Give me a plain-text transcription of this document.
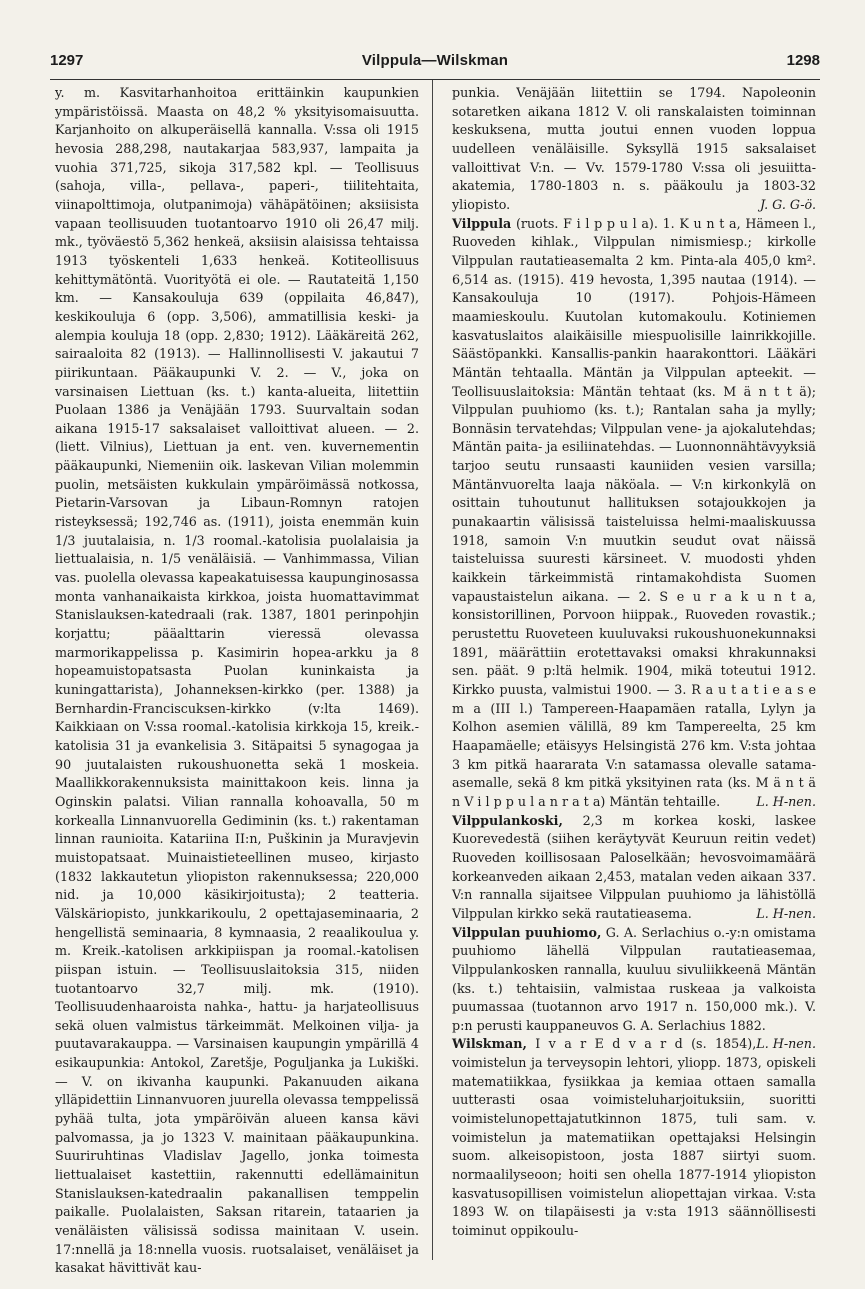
1297	Vilppula—Wilskman	1298

y. m. Kasvitarhanhoitoa erittäinkin kaupunkien ympäristöissä. Maasta on 48,2 % yksityisomaisuutta. Karjanhoito on alkuperäisellä kannalla. V:ssa oli 1915 hevosia 288,298, nautakarjaa 583,937, lampaita ja vuohia 371,725, sikoja 317,582 kpl. — Teollisuus (sahoja, villa-, pellava-, paperi-, tiilitehtaita, viinapolttimoja, olutpanimoja) vähäpätöinen; aksiisista vapaan teollisuuden tuotantoarvo 1910 oli 26,47 milj. mk., työväestö 5,362 henkeä, aksiisin alaisissa tehtaissa 1913 työskenteli 1,633 henkeä. Kotiteollisuus kehittymätöntä. Vuorityötä ei ole. — Rautateitä 1,150 km. — Kansakouluja 639 (oppilaita 46,847), keskikouluja 6 (opp. 3,506), ammatillisia keski- ja alempia kouluja 18 (opp. 2,830; 1912). Lääkäreitä 262, sairaaloita 82 (1913). — Hallinnollisesti V. jakautui 7 piirikuntaan. Pääkaupunki V. 2. — V., joka on varsinaisen Liettuan (ks. t.) kanta-alueita, liitettiin Puolaan 1386 ja Venäjään 1793. Suurvaltain sodan aikana 1915-17 saksalaiset valloittivat alueen. — 2. (liett. Vilnius), Liettuan ja ent. ven. kuvernementin pääkaupunki, Niemeniin oik. laskevan Vilian molemmin puolin, metsäisten kukkulain ympäröimässä notkossa, Pietarin-Varsovan ja Libaun-Romnyn ratojen risteyksessä; 192,746 as. (1911), joista enemmän kuin 1/3 juutalaisia, n. 1/3 roomal.-katolisia puolalaisia ja liettualaisia, n. 1/5 venäläisiä. — Vanhimmassa, Vilian vas. puolella olevassa kapeakatuisessa kaupunginosassa monta vanhanaikaista kirkkoa, joista huomattavimmat Stanislauksen-katedraali (rak. 1387, 1801 perinpohjin korjattu; pääalttarin vieressä olevassa marmorikappelissa p. Kasimirin hopea-arkku ja 8 hopeamuistopatsasta Puolan kuninkaista ja kuningattarista), Johanneksen-kirkko (per. 1388) ja Bernhardin-Franciscuksen-kirkko (v:lta 1469). Kaikkiaan on V:ssa roomal.-katolisia kirkkoja 15, kreik.-katolisia 31 ja evankelisia 3. Sitäpaitsi 5 synagogaa ja 90 juutalaisten rukoushuonetta sekä 1 moskeia. Maallikkorakennuksista mainittakoon keis. linna ja Oginskin palatsi. Vilian rannalla kohoavalla, 50 m korkealla Linnanvuorella Gediminin (ks. t.) rakentaman linnan raunioita. Katariina II:n, Puškinin ja Muravjevin muistopatsaat. Muinaistieteellinen museo, kirjasto (1832 lakkautetun yliopiston rakennuksessa; 220,000 nid. ja 10,000 käsikirjoitusta); 2 teatteria. Välskäriopisto, junkkarikoulu, 2 opettajaseminaaria, 2 hengellistä seminaaria, 8 kymnaasia, 2 reaalikoulua y. m. Kreik.-katolisen arkkipiispan ja roomal.-katolisen piispan istuin. — Teollisuuslaitoksia 315, niiden tuotantoarvo 32,7 milj. mk. (1910). Teollisuudenhaaroista nahka-, hattu- ja harjateollisuus sekä oluen valmistus tärkeimmät. Melkoinen vilja- ja puutavarakauppa. — Varsinaisen kaupungin ympärillä 4 esikaupunkia: Antokol, Zaretšje, Poguljanka ja Lukiški. — V. on ikivanha kaupunki. Pakanuuden aikana ylläpidettiin Linnanvuoren juurella olevassa temppelissä pyhää tulta, jota ympäröivän alueen kansa kävi palvomassa, ja jo 1323 V. mainitaan pääkaupunkina. Suuriruhtinas Vladislav Jagello, jonka toimesta liettualaiset kastettiin, rakennutti edellämainitun Stanislauksen-katedraalin pakanallisen temppelin paikalle. Puolalaisten, Saksan ritarein, tataarien ja venäläisten välisissä sodissa mainitaan V. usein. 17:nnellä ja 18:nnella vuosis. ruotsalaiset, venäläiset ja kasakat hävittivät kau-

punkia. Venäjään liitettiin se 1794. Napoleonin sotaretken aikana 1812 V. oli ranskalaisten toiminnan keskuksena, mutta joutui ennen vuoden loppua uudelleen venäläisille. Syksyllä 1915 saksalaiset valloittivat V:n. — Vv. 1579-1780 V:ssa oli jesuiitta-akatemia, 1780-1803 n. s. pääkoulu ja 1803-32 yliopisto.	J. G. G-ö.

Vilppula (ruots. F i l p p u l a). 1. K u n t a, Hämeen l., Ruoveden kihlak., Vilppulan nimismiesp.; kirkolle Vilppulan rautatieasemalta 2 km. Pinta-ala 405,0 km². 6,514 as. (1915). 419 hevosta, 1,395 nautaa (1914). — Kansakouluja 10 (1917). Pohjois-Hämeen maamieskoulu. Kuutolan kutomakoulu. Kotiniemen kasvatuslaitos alaikäisille miespuolisille lainrikkojille. Säästöpankki. Kansallis-pankin haarakonttori. Lääkäri Mäntän tehtaalla. Mäntän ja Vilppulan apteekit. — Teollisuuslaitoksia: Mäntän tehtaat (ks. M ä n t t ä); Vilppulan puuhiomo (ks. t.); Rantalan saha ja mylly; Bonnäsin tervatehdas; Vilppulan vene- ja ajokalutehdas; Mäntän paita- ja esiliinatehdas. — Luonnonnähtävyyksiä tarjoo seutu runsaasti kauniiden vesien varsilla; Mäntänvuorelta laaja näköala. — V:n kirkonkylä on osittain tuhoutunut hallituksen sotajoukkojen ja punakaartin välisissä taisteluissa helmi-maaliskuussa 1918, samoin V:n muutkin seudut ovat näissä taisteluissa suuresti kärsineet. V. muodosti yhden kaikkein tärkeimmistä rintamakohdista Suomen vapaustaistelun aikana. — 2. S e u r a k u n t a, konsistorillinen, Porvoon hiippak., Ruoveden rovastik.; perustettu Ruoveteen kuuluvaksi rukoushuonekunnaksi 1891, määrättiin erotettavaksi omaksi khrakunnaksi sen. päät. 9 p:ltä helmik. 1904, mikä toteutui 1912. Kirkko puusta, valmistui 1900. — 3. R a u t a t i e a s e m a (III l.) Tampereen-Haapamäen ratalla, Lylyn ja Kolhon asemien välillä, 89 km Tampereelta, 25 km Haapamäelle; etäisyys Helsingistä 276 km. V:sta johtaa 3 km pitkä haararata V:n satamassa olevalle satama-asemalle, sekä 8 km pitkä yksityinen rata (ks. M ä n t ä n V i l p p u l a n r a t a) Mäntän tehtaille.	L. H-nen.

Vilppulankoski, 2,3 m korkea koski, laskee Kuorevedestä (siihen keräytyvät Keuruun reitin vedet) Ruoveden koillisosaan Paloselkään; hevosvoimamäärä korkeanveden aikaan 2,453, matalan veden aikaan 337. V:n rannalla sijaitsee Vilppulan puuhiomo ja lähistöllä Vilppulan kirkko sekä rautatieasema.	L. H-nen.

Vilppulan puuhiomo, G. A. Serlachius o.-y:n omistama puuhiomo lähellä Vilppulan rautatieasemaa, Vilppulankosken rannalla, kuuluu sivuliikkeenä Mäntän (ks. t.) tehtaisiin, valmistaa ruskeaa ja valkoista puumassaa (tuotannon arvo 1917 n. 150,000 mk.). V. p:n perusti kauppaneuvos G. A. Serlachius 1882.
L. H-nen.

Wilskman, I v a r E d v a r d (s. 1854), voimistelun ja terveysopin lehtori, yliopp. 1873, opiskeli matematiikkaa, fysiikkaa ja kemiaa ottaen samalla uutterasti osaa voimisteluharjoituksiin, suoritti voimistelunopettajatutkinnon 1875, tuli sam. v. voimistelun ja matematiikan opettajaksi Helsingin suom. alkeisopistoon, josta 1887 siirtyi suom. normaalilyseoon; hoiti sen ohella 1877-1914 yliopiston kasvatusopillisen voimistelun aliopettajan virkaa. V:sta 1893 W. on tilapäisesti ja v:sta 1913 säännöllisesti toiminut oppikoulu-
